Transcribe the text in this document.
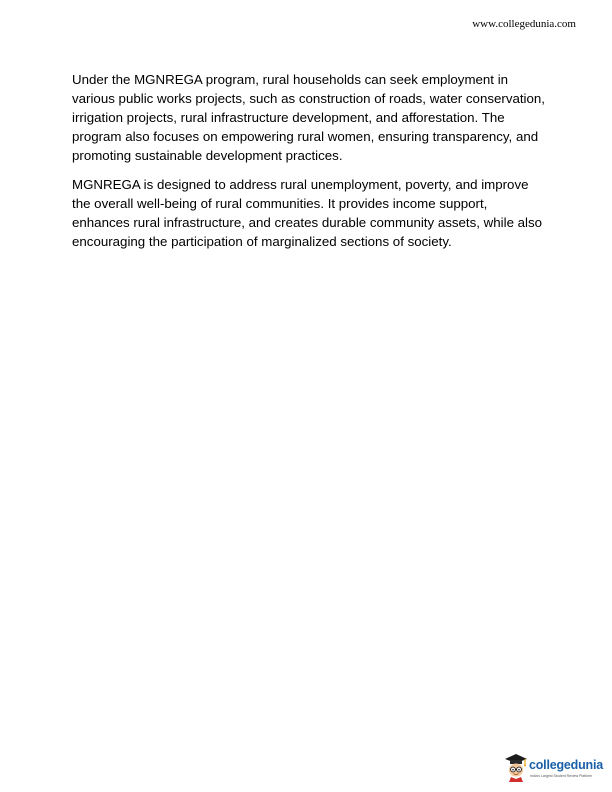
www.collegedunia.com

Under the MGNREGA program, rural households can seek employment in various public works projects, such as construction of roads, water conservation, irrigation projects, rural infrastructure development, and afforestation. The program also focuses on empowering rural women, ensuring transparency, and promoting sustainable development practices.

MGNREGA is designed to address rural unemployment, poverty, and improve the overall well-being of rural communities. It provides income support, enhances rural infrastructure, and creates durable community assets, while also encouraging the participation of marginalized sections of society.

collegedunia
India's Largest Student Review Platform
